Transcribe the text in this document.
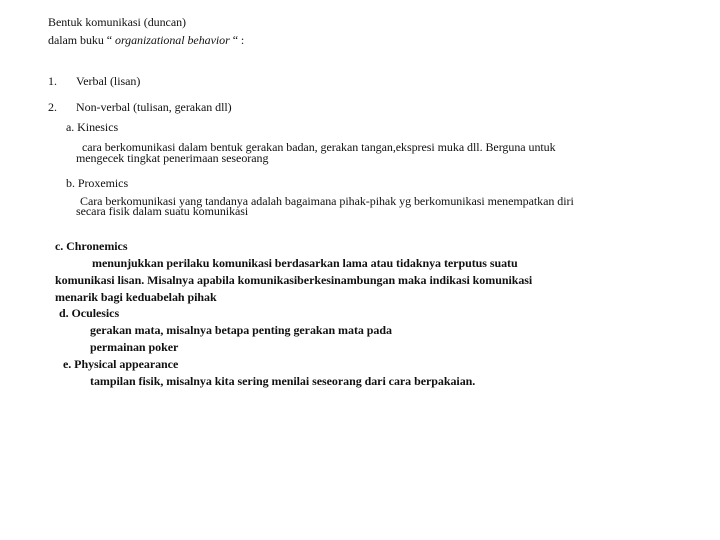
Bentuk komunikasi (duncan)
dalam buku “ organizational behavior “ :
1. Verbal (lisan)
2. Non-verbal (tulisan, gerakan dll)
a. Kinesics
cara berkomunikasi dalam bentuk gerakan badan, gerakan tangan,ekspresi muka dll. Berguna untuk
mengecek tingkat penerimaan seseorang
b. Proxemics
Cara berkomunikasi yang tandanya adalah bagaimana pihak-pihak yg berkomunikasi menempatkan diri
secara fisik dalam suatu komunikasi
c. Chronemics
menunjukkan perilaku komunikasi berdasarkan lama atau tidaknya terputus suatu
komunikasi lisan. Misalnya apabila komunikasiberkesinambungan maka indikasi komunikasi
menarik bagi keduabelah pihak
d. Oculesics
gerakan mata, misalnya betapa penting gerakan mata pada
permainan poker
e. Physical appearance
tampilan fisik, misalnya kita sering menilai seseorang dari cara berpakaian.
